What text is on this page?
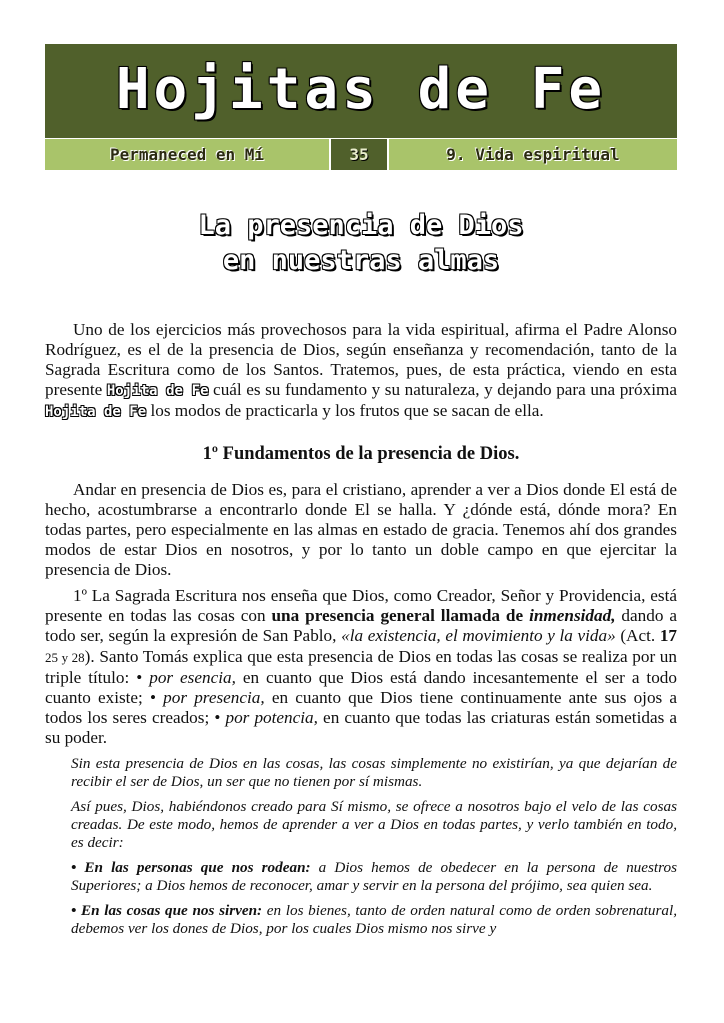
Hojitas de Fe
Permaneced en Mí	35	9. Vida espiritual
La presencia de Dios
en nuestras almas

Uno de los ejercicios más provechosos para la vida espiritual, afirma el Padre Alonso Rodríguez, es el de la presencia de Dios, según enseñanza y recomendación, tanto de la Sagrada Escritura como de los Santos. Tratemos, pues, de esta práctica, viendo en esta presente Hojita de Fe cuál es su fundamento y su naturaleza, y dejando para una próxima Hojita de Fe los modos de practicarla y los frutos que se sacan de ella.

1º Fundamentos de la presencia de Dios.

Andar en presencia de Dios es, para el cristiano, aprender a ver a Dios donde El está de hecho, acostumbrarse a encontrarlo donde El se halla. Y ¿dónde está, dónde mora? En todas partes, pero especialmente en las almas en estado de gracia. Tenemos ahí dos grandes modos de estar Dios en nosotros, y por lo tanto un doble campo en que ejercitar la presencia de Dios.

1º La Sagrada Escritura nos enseña que Dios, como Creador, Señor y Providencia, está presente en todas las cosas con una presencia general llamada de inmensidad, dando a todo ser, según la expresión de San Pablo, «la existencia, el movimiento y la vida» (Act. 17 25 y 28). Santo Tomás explica que esta presencia de Dios en todas las cosas se realiza por un triple título: • por esencia, en cuanto que Dios está dando incesantemente el ser a todo cuanto existe; • por presencia, en cuanto que Dios tiene continuamente ante sus ojos a todos los seres creados; • por potencia, en cuanto que todas las criaturas están sometidas a su poder.

Sin esta presencia de Dios en las cosas, las cosas simplemente no existirían, ya que dejarían de recibir el ser de Dios, un ser que no tienen por sí mismas.

Así pues, Dios, habiéndonos creado para Sí mismo, se ofrece a nosotros bajo el velo de las cosas creadas. De este modo, hemos de aprender a ver a Dios en todas partes, y verlo también en todo, es decir:

• En las personas que nos rodean: a Dios hemos de obedecer en la persona de nuestros Superiores; a Dios hemos de reconocer, amar y servir en la persona del prójimo, sea quien sea.

• En las cosas que nos sirven: en los bienes, tanto de orden natural como de orden sobrenatural, debemos ver los dones de Dios, por los cuales Dios mismo nos sirve y
